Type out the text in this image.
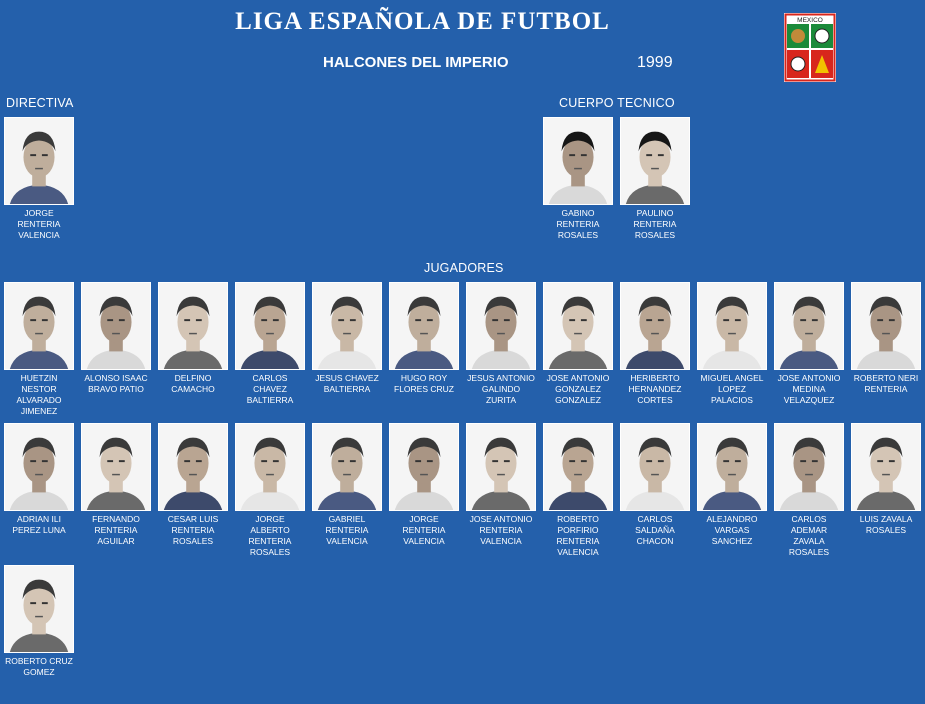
LIGA ESPAÑOLA DE FUTBOL
HALCONES DEL IMPERIO	1999
MEXICO
DIRECTIVA	CUERPO TECNICO
JUGADORES
JORGE
RENTERIA
VALENCIA
GABINO
RENTERIA
ROSALES
PAULINO
RENTERIA
ROSALES
HUETZIN
NESTOR
ALVARADO
JIMENEZ
ALONSO ISAAC
BRAVO PATIO
DELFINO
CAMACHO
CARLOS
CHAVEZ
BALTIERRA
JESUS CHAVEZ
BALTIERRA
HUGO ROY
FLORES CRUZ
JESUS ANTONIO
GALINDO
ZURITA
JOSE ANTONIO
GONZALEZ
GONZALEZ
HERIBERTO
HERNANDEZ
CORTES
MIGUEL ANGEL
LOPEZ
PALACIOS
JOSE ANTONIO
MEDINA
VELAZQUEZ
ROBERTO NERI
RENTERIA
ADRIAN ILI
PEREZ LUNA
FERNANDO
RENTERIA
AGUILAR
CESAR LUIS
RENTERIA
ROSALES
JORGE
ALBERTO
RENTERIA
ROSALES
GABRIEL
RENTERIA
VALENCIA
JORGE
RENTERIA
VALENCIA
JOSE ANTONIO
RENTERIA
VALENCIA
ROBERTO
PORFIRIO
RENTERIA
VALENCIA
CARLOS
SALDAÑA
CHACON
ALEJANDRO
VARGAS
SANCHEZ
CARLOS
ADEMAR
ZAVALA
ROSALES
LUIS ZAVALA
ROSALES
ROBERTO CRUZ
GOMEZ
